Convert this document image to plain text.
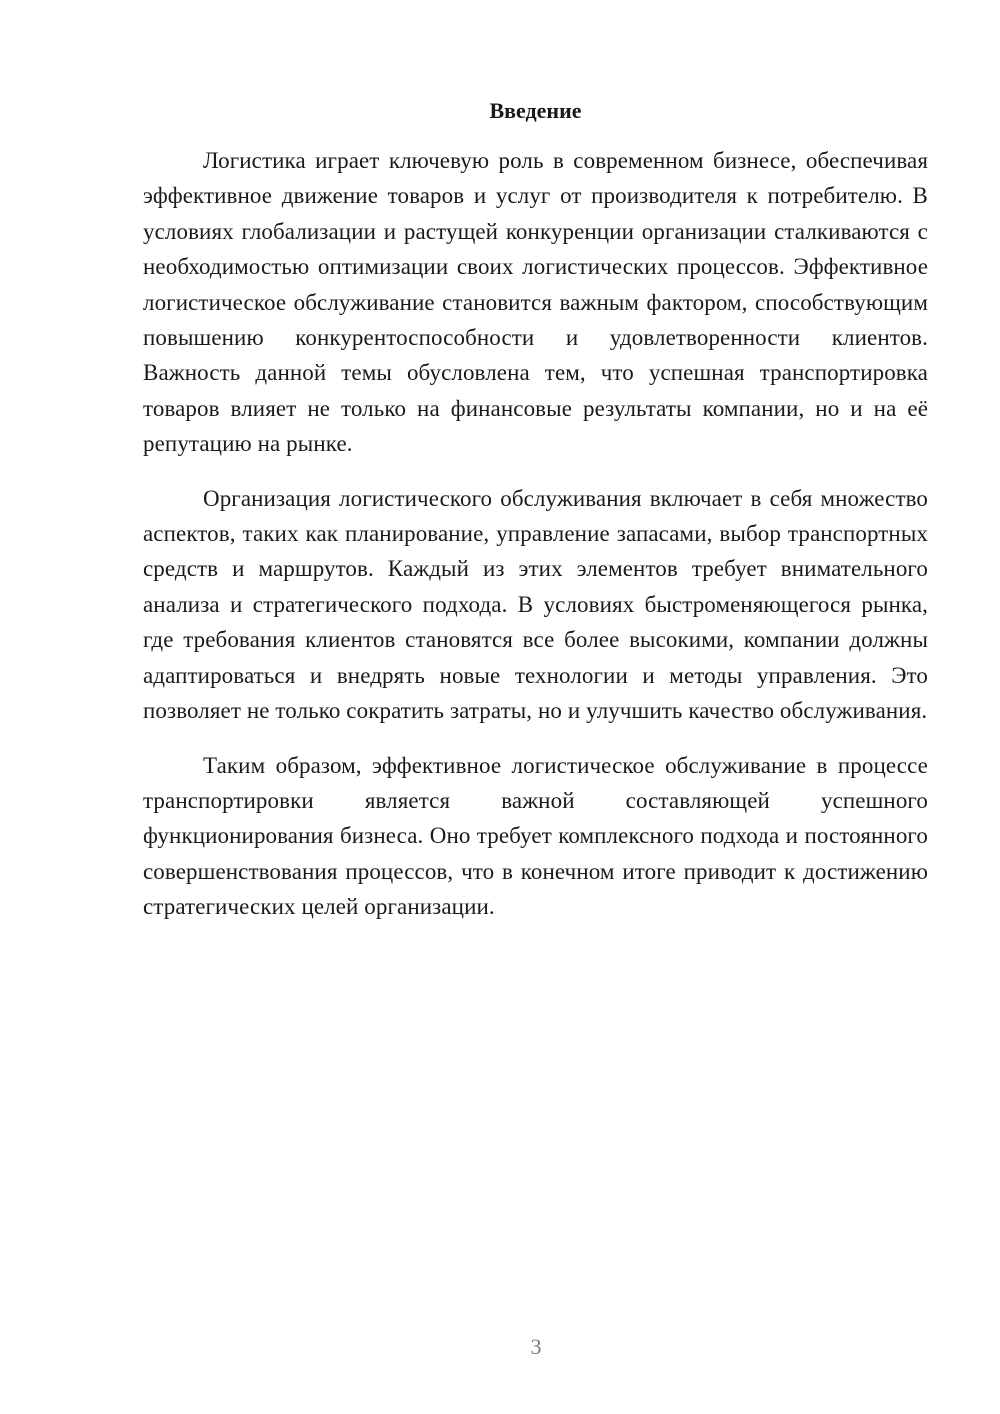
Введение

Логистика играет ключевую роль в современном бизнесе, обеспечивая эффективное движение товаров и услуг от производителя к потребителю. В условиях глобализации и растущей конкуренции организации сталкиваются с необходимостью оптимизации своих логистических процессов. Эффективное логистическое обслуживание становится важным фактором, способствующим повышению конкурентоспособности и удовлетворенности клиентов. Важность данной темы обусловлена тем, что успешная транспортировка товаров влияет не только на финансовые результаты компании, но и на её репутацию на рынке.

Организация логистического обслуживания включает в себя множество аспектов, таких как планирование, управление запасами, выбор транспортных средств и маршрутов. Каждый из этих элементов требует внимательного анализа и стратегического подхода. В условиях быстроменяющегося рынка, где требования клиентов становятся все более высокими, компании должны адаптироваться и внедрять новые технологии и методы управления. Это позволяет не только сократить затраты, но и улучшить качество обслуживания.

Таким образом, эффективное логистическое обслуживание в процессе транспортировки является важной составляющей успешного функционирования бизнеса. Оно требует комплексного подхода и постоянного совершенствования процессов, что в конечном итоге приводит к достижению стратегических целей организации.

3
